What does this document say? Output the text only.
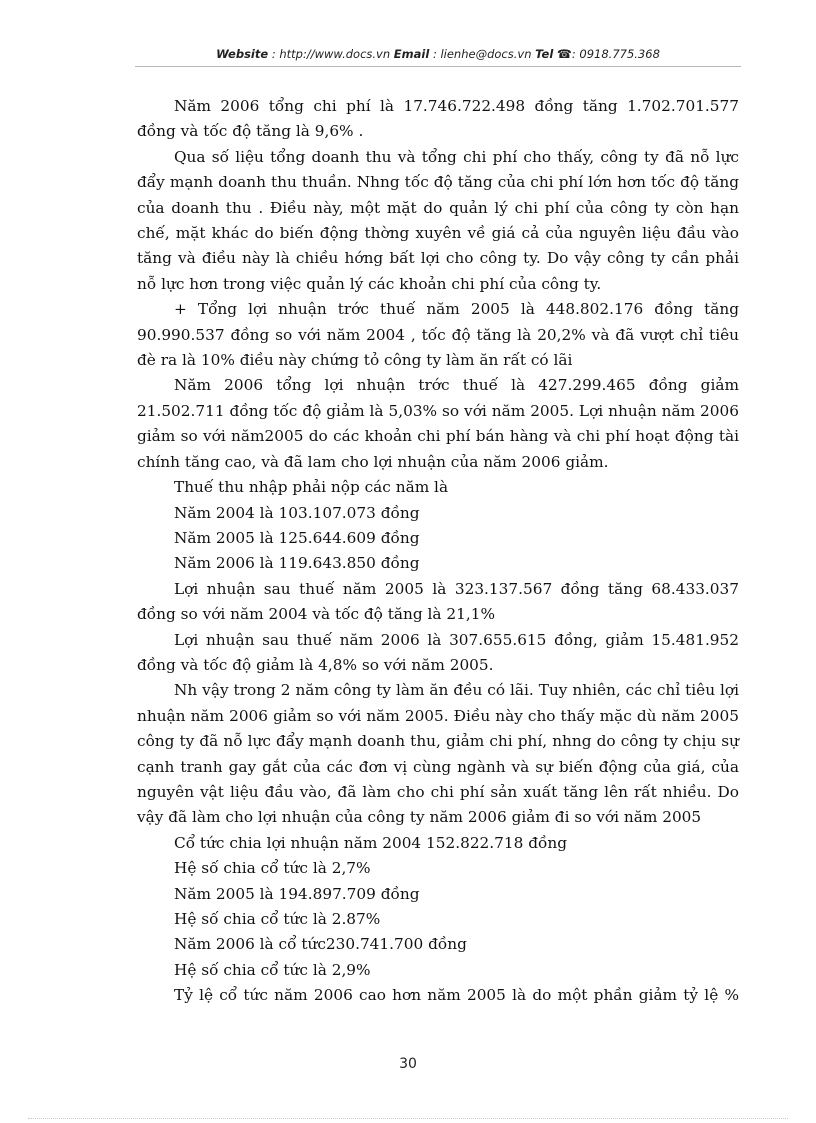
Website : http://www.docs.vn Email : lienhe@docs.vn Tel ☎: 0918.775.368

Năm 2006 tổng chi phí là 17.746.722.498 đồng tăng 1.702.701.577 đồng và tốc độ tăng là 9,6% .

Qua số liệu tổng doanh thu và tổng chi phí cho thấy, công ty đã nỗ lực đẩy mạnh doanh thu thuần. Nhng tốc độ tăng của chi phí lớn hơn tốc độ tăng của doanh thu . Điều này, một mặt do quản lý chi phí của công ty còn hạn chế, mặt khác do biến động thờng xuyên về giá cả của nguyên liệu đầu vào tăng và điều này là chiều hớng bất lợi cho công ty. Do vậy công ty cần phải nỗ lực hơn trong việc quản lý các khoản chi phí của công ty.

+ Tổng lợi nhuận trớc thuế năm 2005 là 448.802.176 đồng tăng 90.990.537 đồng so với năm 2004 , tốc độ tăng là 20,2% và đã vượt chỉ tiêu đè ra là 10% điều này chứng tỏ công ty làm ăn rất có lãi

Năm 2006 tổng lợi nhuận trớc thuế là 427.299.465 đồng giảm 21.502.711 đồng tốc độ giảm là 5,03% so với năm 2005. Lợi nhuận năm 2006 giảm so với năm2005 do các khoản chi phí bán hàng và chi phí hoạt động tài chính tăng cao, và đã lam cho lợi nhuận của năm 2006 giảm.

Thuế thu nhập phải nộp các năm là

Năm 2004 là 103.107.073 đồng

Năm 2005 là 125.644.609 đồng

Năm 2006 là 119.643.850 đồng

Lợi nhuận sau thuế năm 2005 là 323.137.567 đồng tăng 68.433.037 đồng so với năm 2004 và tốc độ tăng là 21,1%

Lợi nhuận sau thuế năm 2006 là 307.655.615 đồng, giảm 15.481.952 đồng và tốc độ giảm là 4,8% so với năm 2005.

Nh vậy trong 2 năm công ty làm ăn đều có lãi. Tuy nhiên, các chỉ tiêu lợi nhuận năm 2006 giảm so với năm 2005. Điều này cho thấy mặc dù năm 2005 công ty đã nỗ lực đẩy mạnh doanh thu, giảm chi phí, nhng do công ty chịu sự cạnh tranh gay gắt của các đơn vị cùng ngành và sự biến động của giá, của nguyên vật liệu đầu vào, đã làm cho chi phí sản xuất tăng lên rất nhiều. Do vậy đã làm cho lợi nhuận của công ty năm 2006 giảm đi so với năm 2005

Cổ tức chia lợi nhuận năm 2004 152.822.718 đồng

Hệ số chia cổ tức là 2,7%

Năm 2005 là 194.897.709 đồng

Hệ số chia cổ tức là 2.87%

Năm 2006 là cổ tức230.741.700 đồng

Hệ số chia cổ tức là 2,9%

Tỷ lệ cổ tức năm 2006 cao hơn năm 2005 là do một phần giảm tỷ lệ %

30
